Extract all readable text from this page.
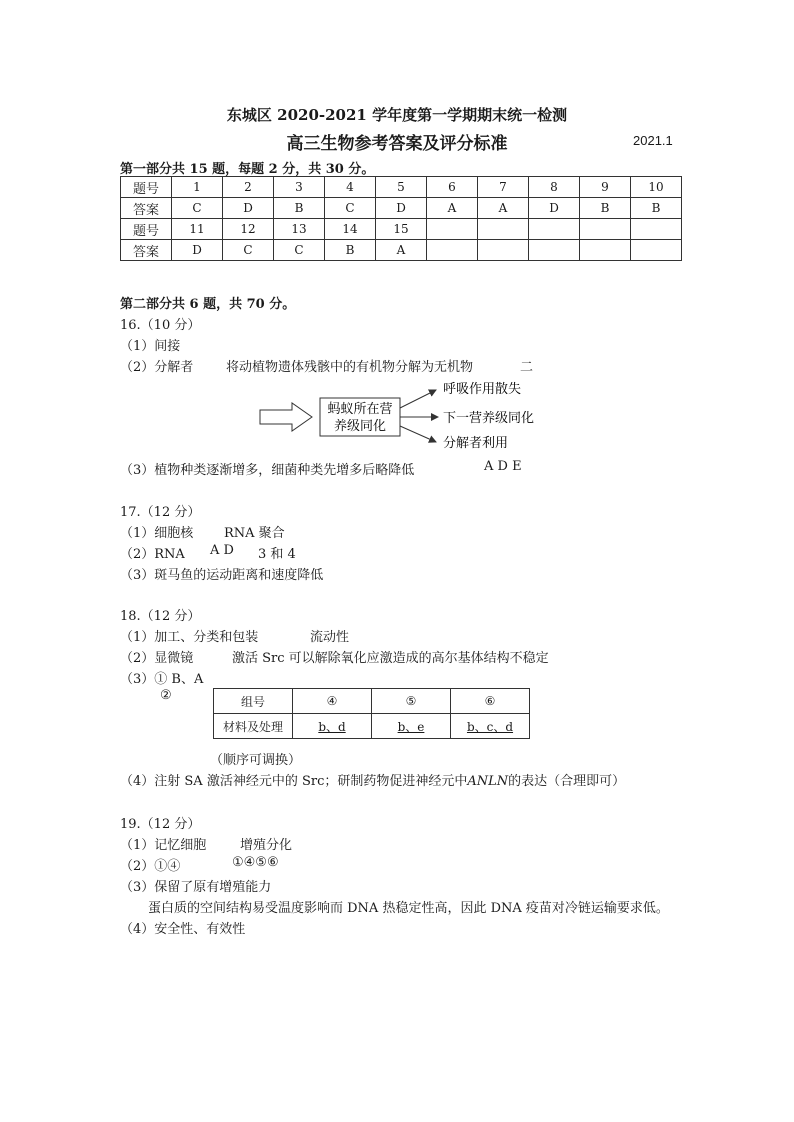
东城区 2020-2021 学年度第一学期期末统一检测
高三生物参考答案及评分标准	2021.1
第一部分共 15 题，每题 2 分，共 30 分。
题号	1	2	3	4	5	6	7	8	9	10
答案	C	D	B	C	D	A	A	D	B	B
题号	11	12	13	14	15					
答案	D	C	C	B	A					
第二部分共 6 题，共 70 分。
16.（10 分）
（1）间接
（2）分解者	将动植物遗体残骸中的有机物分解为无机物	二
蚂蚁所在营
养级同化
呼吸作用散失
下一营养级同化
分解者利用
（3）植物种类逐渐增多，细菌种类先增多后略降低	A D E
17.（12 分）
（1）细胞核 RNA 聚合
（2）RNA A D 3 和 4
（3）斑马鱼的运动距离和速度降低
18.（12 分）
（1）加工、分类和包装	流动性
（2）显微镜	激活 Src 可以解除氧化应激造成的高尔基体结构不稳定
（3）① B、A
②	组号	④	⑤	⑥
材料及处理	b、d	b、e	b、c、d
（顺序可调换）
（4）注射 SA 激活神经元中的 Src；研制药物促进神经元中ANLN的表达（合理即可）
19.（12 分）
（1）记忆细胞	增殖分化
（2）①④	①④⑤⑥
（3）保留了原有增殖能力
蛋白质的空间结构易受温度影响而 DNA 热稳定性高，因此 DNA 疫苗对冷链运输要求低。
（4）安全性、有效性
